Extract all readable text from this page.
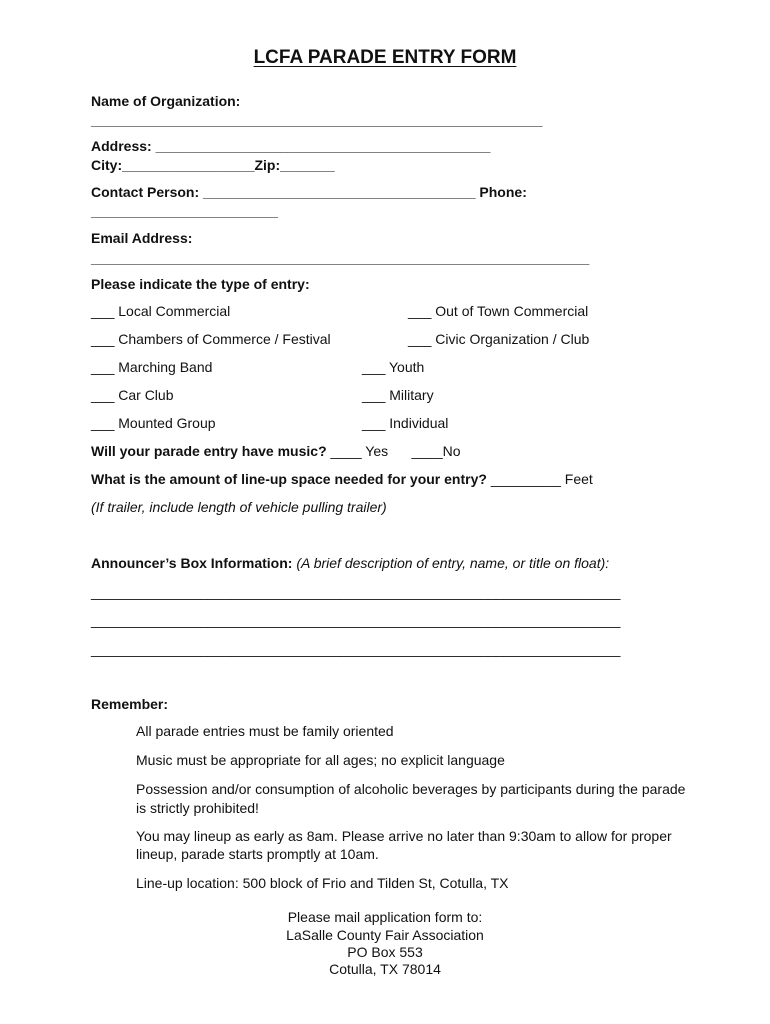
LCFA PARADE ENTRY FORM
Name of Organization:
__________________________________________________________
Address: ___________________________________________
City:_________________Zip:_______
Contact Person: ___________________________________ Phone:
________________________
Email Address:
________________________________________________________________
Please indicate the type of entry:
___ Local Commercial	___ Out of Town Commercial
___ Chambers of Commerce / Festival	___ Civic Organization / Club
___ Marching Band	___ Youth
___ Car Club	___ Military
___ Mounted Group	___ Individual
Will your parade entry have music? ____ Yes      ____No
What is the amount of line-up space needed for your entry? _________ Feet
(If trailer, include length of vehicle pulling trailer)
Announcer’s Box Information: (A brief description of entry, name, or title on float):
____________________________________________________________________
____________________________________________________________________
____________________________________________________________________
Remember:
All parade entries must be family oriented
Music must be appropriate for all ages; no explicit language
Possession and/or consumption of alcoholic beverages by participants during the parade
is strictly prohibited!
You may lineup as early as 8am. Please arrive no later than 9:30am to allow for proper
lineup, parade starts promptly at 10am.
Line-up location: 500 block of Frio and Tilden St, Cotulla, TX
Please mail application form to:
LaSalle County Fair Association
PO Box 553
Cotulla, TX 78014
